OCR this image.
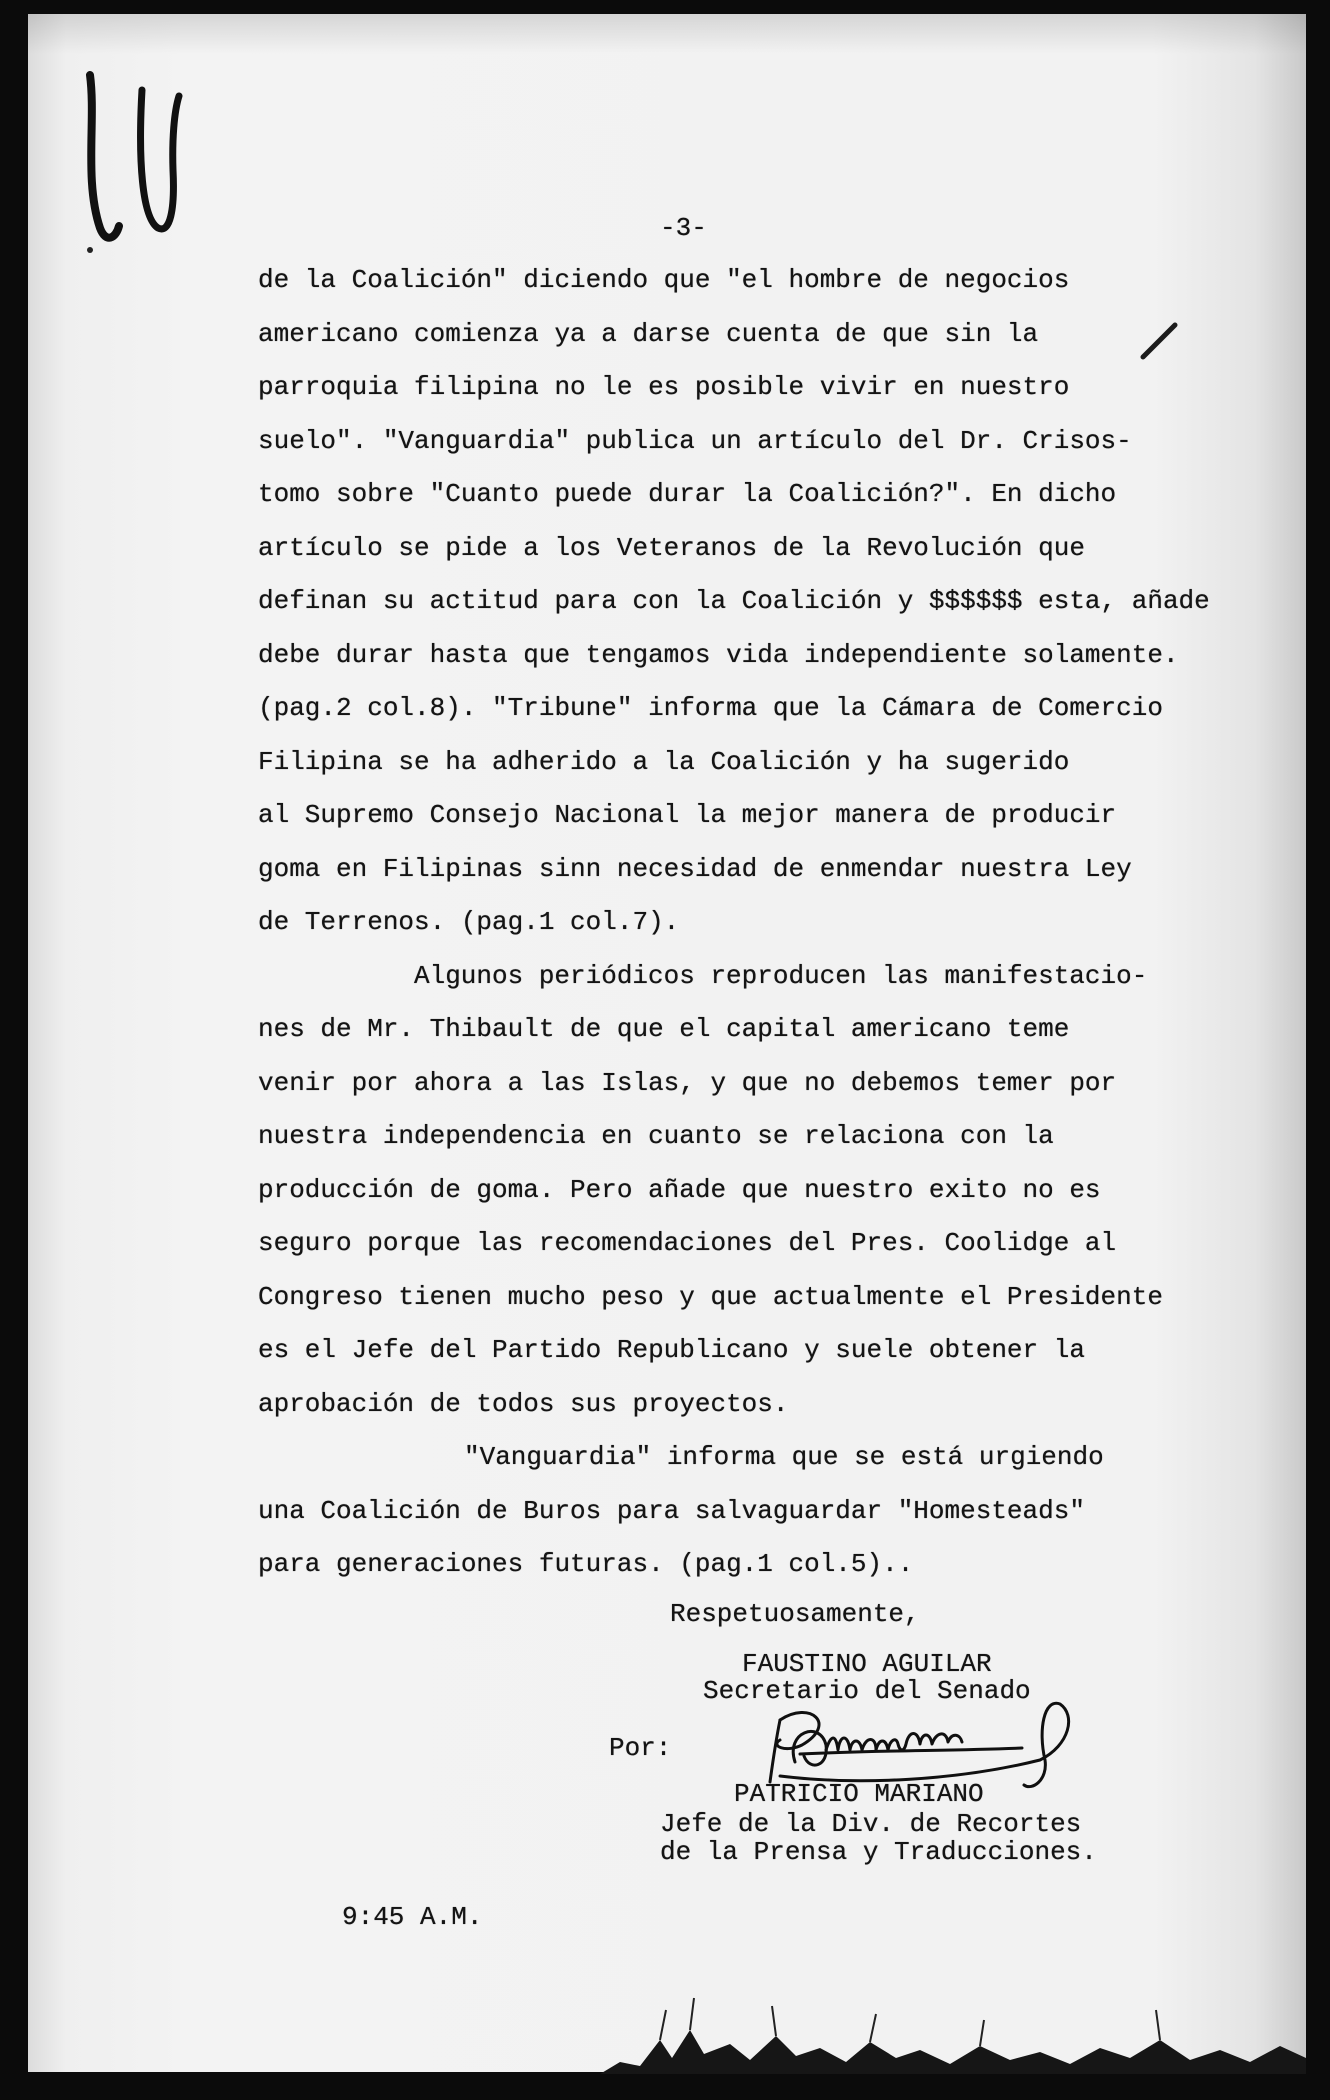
-3-
de la Coalición" diciendo que "el hombre de negocios
americano comienza ya a darse cuenta de que sin la
parroquia filipina no le es posible vivir en nuestro
suelo". "Vanguardia" publica un artículo del Dr. Crisos-
tomo sobre "Cuanto puede durar la Coalición?". En dicho
artículo se pide a los Veteranos de la Revolución que
definan su actitud para con la Coalición y $$$$$$ esta, añade
debe durar hasta que tengamos vida independiente solamente.
(pag.2 col.8). "Tribune" informa que la Cámara de Comercio
Filipina se ha adherido a la Coalición y ha sugerido
al Supremo Consejo Nacional la mejor manera de producir
goma en Filipinas sinn necesidad de enmendar nuestra Ley
de Terrenos. (pag.1 col.7).
Algunos periódicos reproducen las manifestacio-
nes de Mr. Thibault de que el capital americano teme
venir por ahora a las Islas, y que no debemos temer por
nuestra independencia en cuanto se relaciona con la
producción de goma. Pero añade que nuestro exito no es
seguro porque las recomendaciones del Pres. Coolidge al
Congreso tienen mucho peso y que actualmente el Presidente
es el Jefe del Partido Republicano y suele obtener la
aprobación de todos sus proyectos.
"Vanguardia" informa que se está urgiendo
una Coalición de Buros para salvaguardar "Homesteads"
para generaciones futuras. (pag.1 col.5)..
Respetuosamente,
FAUSTINO AGUILAR
Secretario del Senado
Por:
PATRICIO MARIANO
Jefe de la Div. de Recortes
de la Prensa y Traducciones.
9:45 A.M.
